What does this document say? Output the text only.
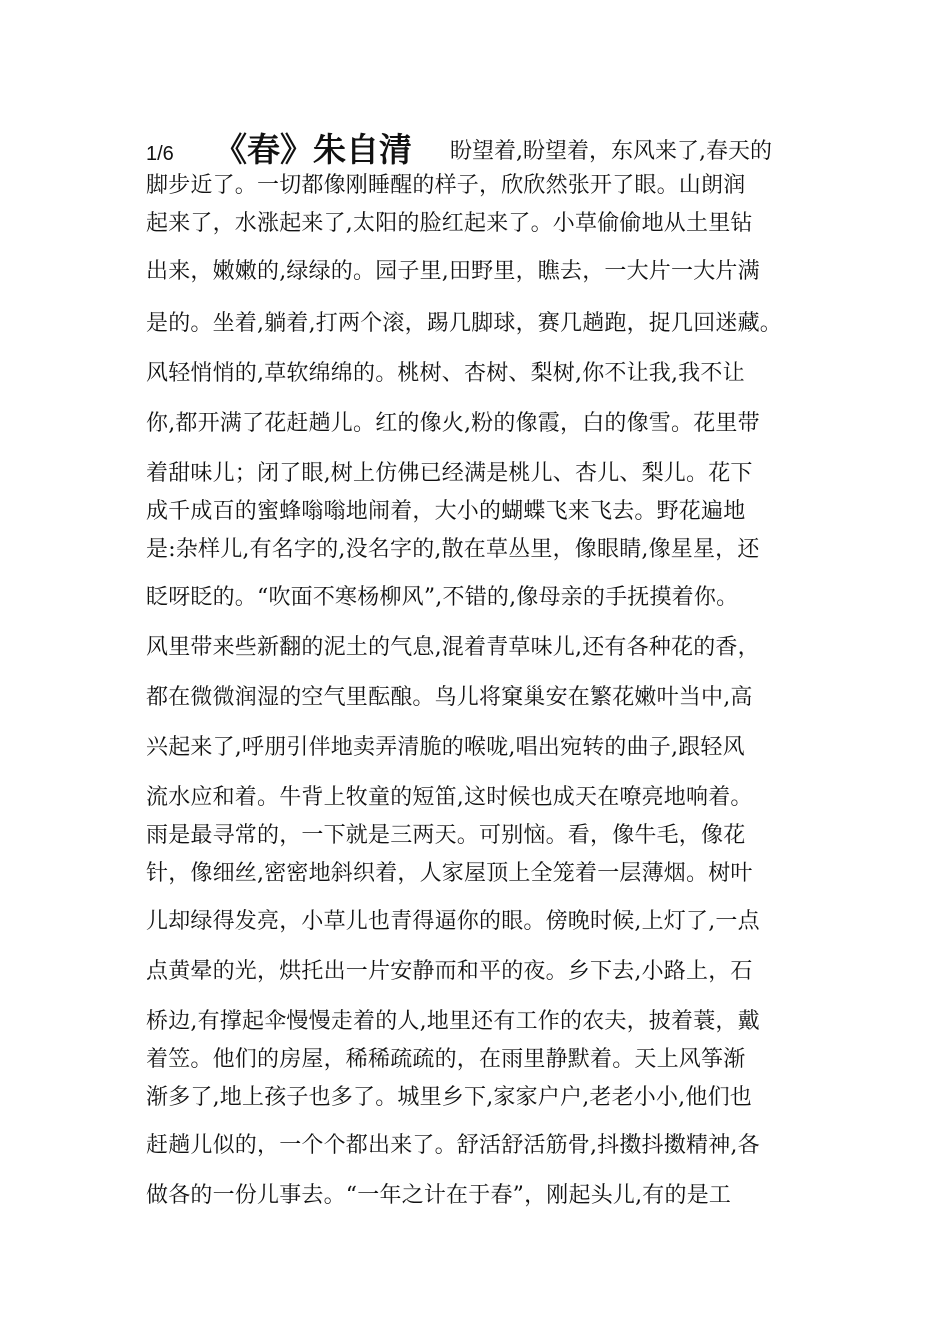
1/6 《春》朱自清 盼望着,盼望着，东风来了,春天的
脚步近了。一切都像刚睡醒的样子，欣欣然张开了眼。山朗润
起来了，水涨起来了,太阳的脸红起来了。小草偷偷地从土里钻
出来，嫩嫩的,绿绿的。园子里,田野里，瞧去，一大片一大片满
是的。坐着,躺着,打两个滚，踢几脚球，赛几趟跑，捉几回迷藏。
风轻悄悄的,草软绵绵的。桃树、杏树、梨树,你不让我,我不让
你,都开满了花赶趟儿。红的像火,粉的像霞，白的像雪。花里带
着甜味儿；闭了眼,树上仿佛已经满是桃儿、杏儿、梨儿。花下
成千成百的蜜蜂嗡嗡地闹着，大小的蝴蝶飞来飞去。野花遍地
是:杂样儿,有名字的,没名字的,散在草丛里，像眼睛,像星星，还
眨呀眨的。“吹面不寒杨柳风”,不错的,像母亲的手抚摸着你。
风里带来些新翻的泥土的气息,混着青草味儿,还有各种花的香，
都在微微润湿的空气里酝酿。鸟儿将窠巢安在繁花嫩叶当中,高
兴起来了,呼朋引伴地卖弄清脆的喉咙,唱出宛转的曲子,跟轻风
流水应和着。牛背上牧童的短笛,这时候也成天在嘹亮地响着。
雨是最寻常的，一下就是三两天。可别恼。看，像牛毛，像花
针，像细丝,密密地斜织着，人家屋顶上全笼着一层薄烟。树叶
儿却绿得发亮，小草儿也青得逼你的眼。傍晚时候,上灯了,一点
点黄晕的光，烘托出一片安静而和平的夜。乡下去,小路上，石
桥边,有撑起伞慢慢走着的人,地里还有工作的农夫，披着蓑，戴
着笠。他们的房屋，稀稀疏疏的，在雨里静默着。天上风筝渐
渐多了,地上孩子也多了。城里乡下,家家户户,老老小小,他们也
赶趟儿似的，一个个都出来了。舒活舒活筋骨,抖擞抖擞精神,各
做各的一份儿事去。“一年之计在于春”，刚起头儿,有的是工
